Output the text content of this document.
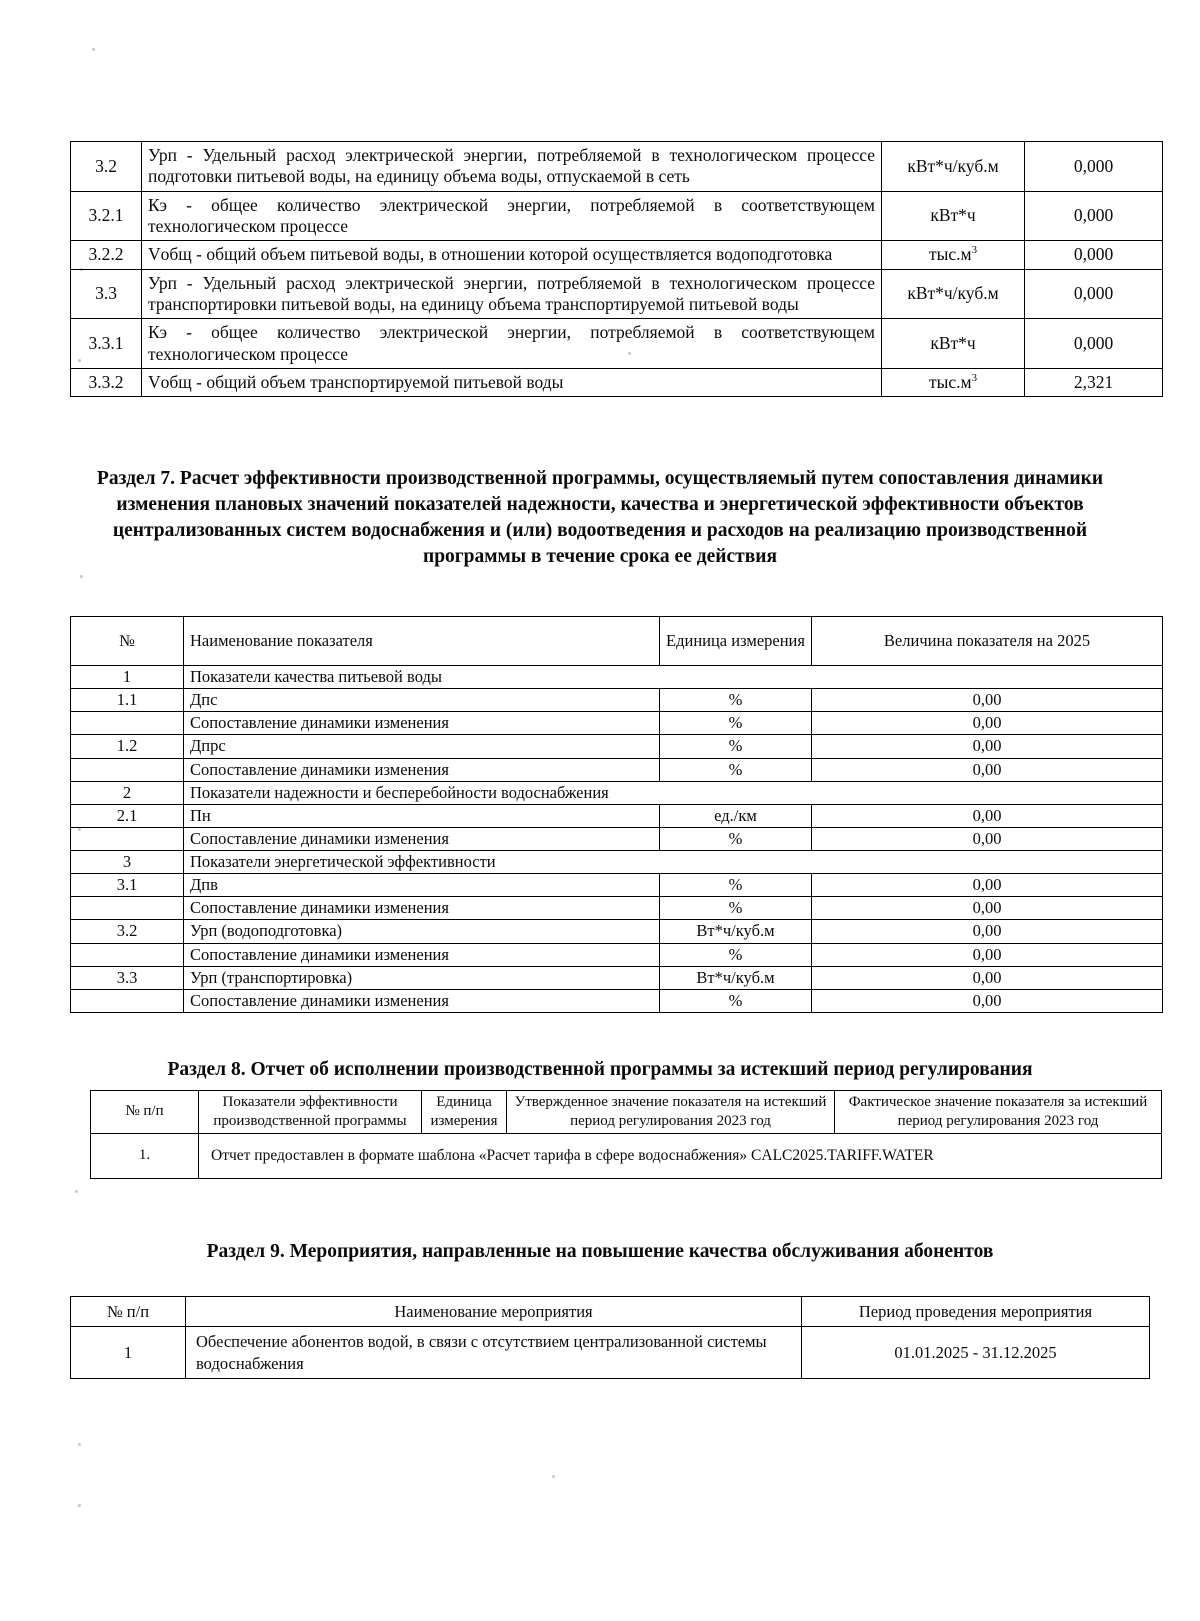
3.2	Урп - Удельный расход электрической энергии, потребляемой в технологическом процессе подготовки питьевой воды, на единицу объема воды, отпускаемой в сеть	кВт*ч/куб.м	0,000
3.2.1	Кэ - общее количество электрической энергии, потребляемой в соответствующем технологическом процессе	кВт*ч	0,000
3.2.2	Vобщ - общий объем питьевой воды, в отношении которой осуществляется водоподготовка	$тыс.м^3$	0,000
3.3	Урп - Удельный расход электрической энергии, потребляемой в технологическом процессе транспортировки питьевой воды, на единицу объема транспортируемой питьевой воды	кВт*ч/куб.м	0,000
3.3.1	Кэ - общее количество электрической энергии, потребляемой в соответствующем технологическом процессе	кВт*ч	0,000
3.3.2	Vобщ - общий объем транспортируемой питьевой воды	$тыс.м^3$	2,321
Раздел 7. Расчет эффективности производственной программы, осуществляемый путем сопоставления динамики изменения плановых значений показателей надежности, качества и энергетической эффективности объектов централизованных систем водоснабжения и (или) водоотведения и расходов на реализацию производственной программы в течение срока ее действия
№	Наименование показателя	Единица измерения	Величина показателя на 2025
1	Показатели качества питьевой воды		
1.1	Дпс	%	0,00
	Сопоставление динамики изменения	%	0,00
1.2	Дпрс	%	0,00
	Сопоставление динамики изменения	%	0,00
2	Показатели надежности и бесперебойности водоснабжения		
2.1	Пн	ед./км	0,00
	Сопоставление динамики изменения	%	0,00
3	Показатели энергетической эффективности		
3.1	Дпв	%	0,00
	Сопоставление динамики изменения	%	0,00
3.2	Урп (водоподготовка)	Вт*ч/куб.м	0,00
	Сопоставление динамики изменения	%	0,00
3.3	Урп (транспортировка)	Вт*ч/куб.м	0,00
	Сопоставление динамики изменения	%	0,00
Раздел 8. Отчет об исполнении производственной программы за истекший период регулирования
№ п/п	Показатели эффективности производственной программы	Единица измерения	Утвержденное значение показателя на истекший период регулирования 2023 год	Фактическое значение показателя за истекший период регулирования 2023 год
1.	Отчет предоставлен в формате шаблона «Расчет тарифа в сфере водоснабжения» CALC2025.TARIFF.WATER			
Раздел 9. Мероприятия, направленные на повышение качества обслуживания абонентов
№ п/п	Наименование мероприятия	Период проведения мероприятия
1	Обеспечение абонентов водой, в связи с отсутствием централизованной системы водоснабжения	01.01.2025 - 31.12.2025
